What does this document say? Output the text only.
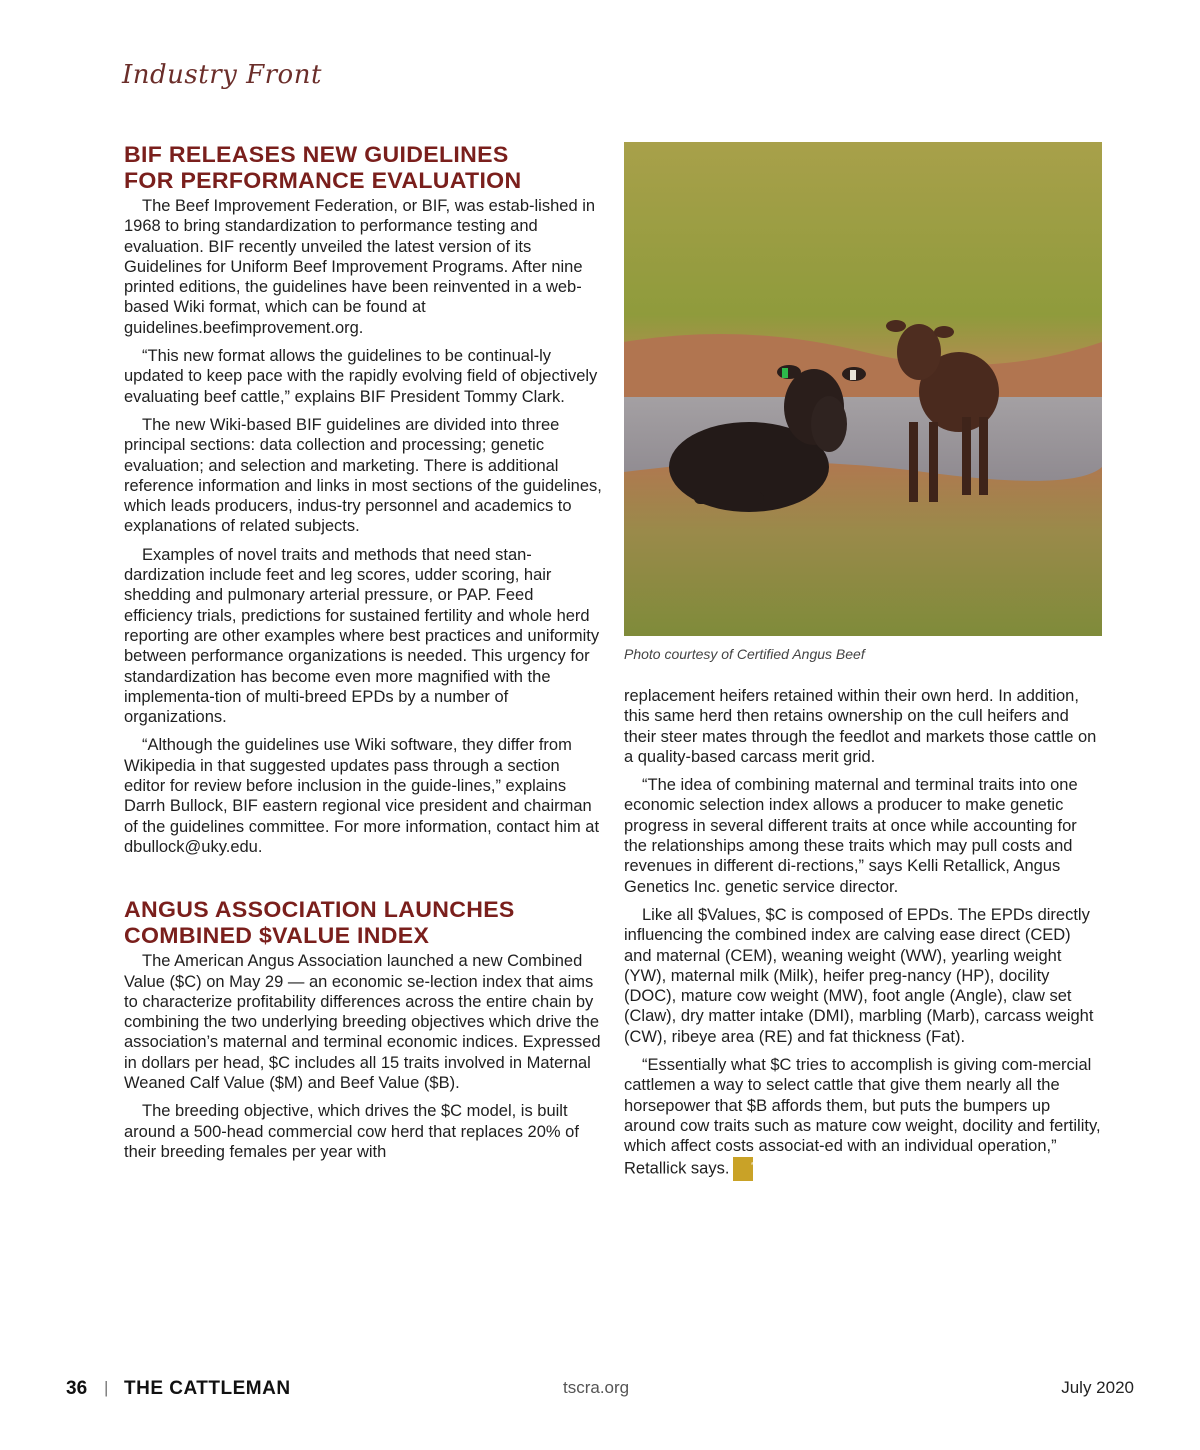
Industry Front
BIF RELEASES NEW GUIDELINES
FOR PERFORMANCE EVALUATION

The Beef Improvement Federation, or BIF, was estab-lished in 1968 to bring standardization to performance testing and evaluation. BIF recently unveiled the latest version of its Guidelines for Uniform Beef Improvement Programs. After nine printed editions, the guidelines have been reinvented in a web-based Wiki format, which can be found at guidelines.beefimprovement.org.

“This new format allows the guidelines to be continual-ly updated to keep pace with the rapidly evolving field of objectively evaluating beef cattle,” explains BIF President Tommy Clark.

The new Wiki-based BIF guidelines are divided into three principal sections: data collection and processing; genetic evaluation; and selection and marketing. There is additional reference information and links in most sections of the guidelines, which leads producers, indus-try personnel and academics to explanations of related subjects.

Examples of novel traits and methods that need stan-dardization include feet and leg scores, udder scoring, hair shedding and pulmonary arterial pressure, or PAP. Feed efficiency trials, predictions for sustained fertility and whole herd reporting are other examples where best practices and uniformity between performance organizations is needed. This urgency for standardization has become even more magnified with the implementa-tion of multi-breed EPDs by a number of organizations.

“Although the guidelines use Wiki software, they differ from Wikipedia in that suggested updates pass through a section editor for review before inclusion in the guide-lines,” explains Darrh Bullock, BIF eastern regional vice president and chairman of the guidelines committee. For more information, contact him at dbullock@uky.edu.

ANGUS ASSOCIATION LAUNCHES
COMBINED $VALUE INDEX

The American Angus Association launched a new Combined Value ($C) on May 29 — an economic se-lection index that aims to characterize profitability differences across the entire chain by combining the two underlying breeding objectives which drive the association’s maternal and terminal economic indices. Expressed in dollars per head, $C includes all 15 traits involved in Maternal Weaned Calf Value ($M) and Beef Value ($B).

The breeding objective, which drives the $C model, is built around a 500-head commercial cow herd that replaces 20% of their breeding females per year with

Photo courtesy of Certified Angus Beef

replacement heifers retained within their own herd. In addition, this same herd then retains ownership on the cull heifers and their steer mates through the feedlot and markets those cattle on a quality-based carcass merit grid.

“The idea of combining maternal and terminal traits into one economic selection index allows a producer to make genetic progress in several different traits at once while accounting for the relationships among these traits which may pull costs and revenues in different di-rections,” says Kelli Retallick, Angus Genetics Inc. genetic service director.

Like all $Values, $C is composed of EPDs. The EPDs directly influencing the combined index are calving ease direct (CED) and maternal (CEM), weaning weight (WW), yearling weight (YW), maternal milk (Milk), heifer preg-nancy (HP), docility (DOC), mature cow weight (MW), foot angle (Angle), claw set (Claw), dry matter intake (DMI), marbling (Marb), carcass weight (CW), ribeye area (RE) and fat thickness (Fat).

“Essentially what $C tries to accomplish is giving com-mercial cattlemen a way to select cattle that give them nearly all the horsepower that $B affords them, but puts the bumpers up around cow traits such as mature cow weight, docility and fertility, which affect costs associat-ed with an individual operation,” Retallick says. TC

36 | THE CATTLEMAN	tscra.org	July 2020
